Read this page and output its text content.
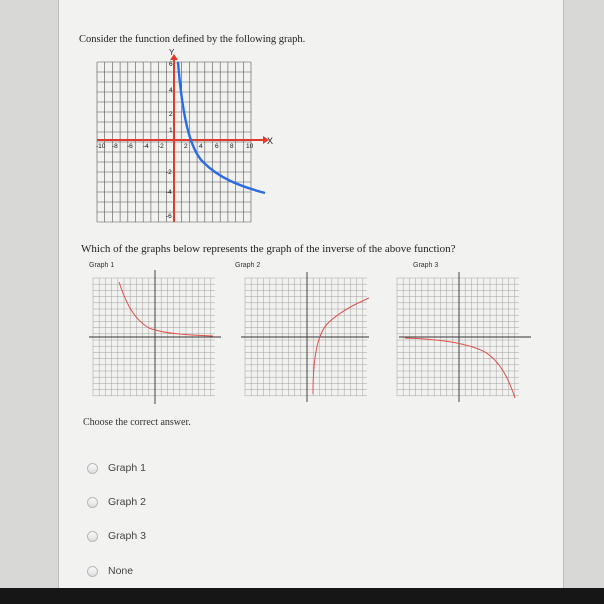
Consider the function defined by the following graph.
Y
X
-10 -8 -6 -4 -2	2 4 6 8 10
6
4
2
1
-2
-4
-6
Which of the graphs below represents the graph of the inverse of the above function?
Graph 1	Graph 2	Graph 3
Choose the correct answer.
Graph 1
Graph 2
Graph 3
None
